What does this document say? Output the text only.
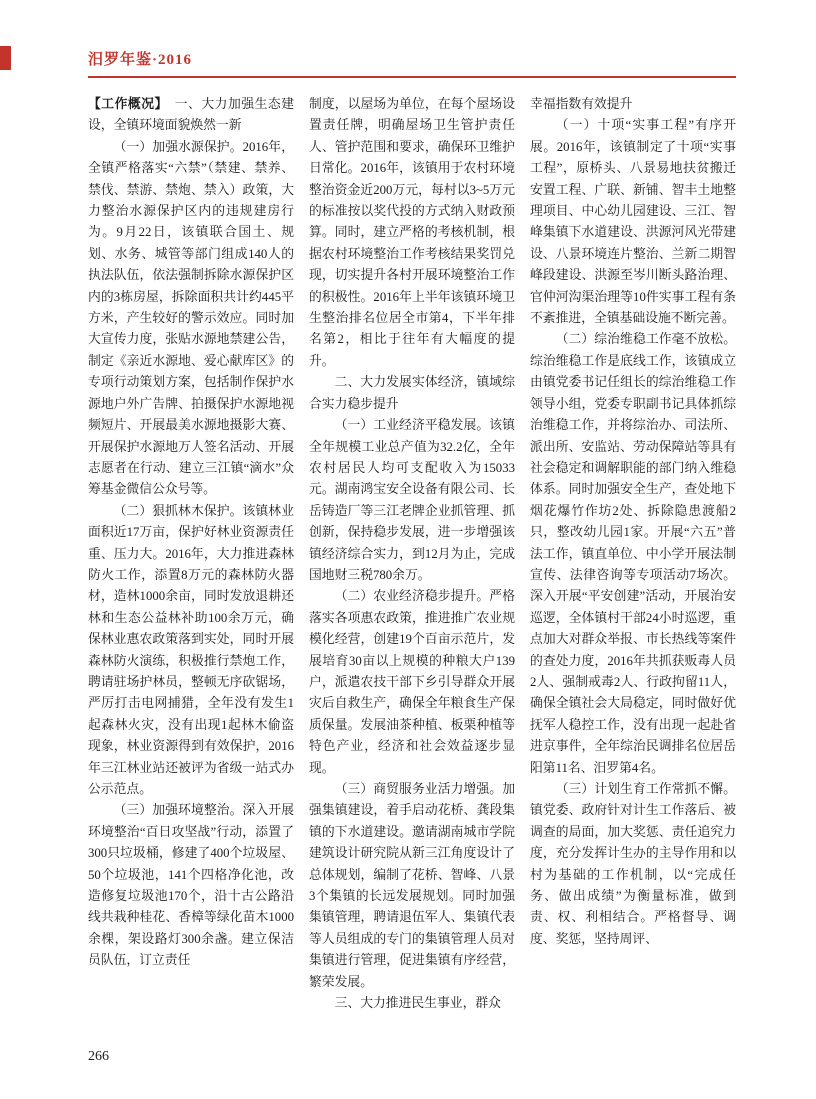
汨罗年鉴·2016

【工作概况】　一、大力加强生态建设，全镇环境面貌焕然一新

（一）加强水源保护。2016年，全镇严格落实“六禁”（禁建、禁养、禁伐、禁游、禁炮、禁入）政策，大力整治水源保护区内的违规建房行为。9月22日，该镇联合国土、规划、水务、城管等部门组成140人的执法队伍，依法强制拆除水源保护区内的3栋房屋，拆除面积共计约445平方米，产生较好的警示效应。同时加大宣传力度，张贴水源地禁建公告，制定《亲近水源地、爱心献库区》的专项行动策划方案，包括制作保护水源地户外广告牌、拍摄保护水源地视频短片、开展最美水源地摄影大赛、开展保护水源地万人签名活动、开展志愿者在行动、建立三江镇“滴水”众筹基金微信公众号等。

（二）狠抓林木保护。该镇林业面积近17万亩，保护好林业资源责任重、压力大。2016年，大力推进森林防火工作，添置8万元的森林防火器材，造林1000余亩，同时发放退耕还林和生态公益林补助100余万元，确保林业惠农政策落到实处，同时开展森林防火演练，积极推行禁炮工作，聘请驻场护林员，整顿无序砍锯场，严厉打击电网捕猎，全年没有发生1起森林火灾，没有出现1起林木偷盗现象，林业资源得到有效保护，2016年三江林业站还被评为省级一站式办公示范点。

（三）加强环境整治。深入开展环境整治“百日攻坚战”行动，添置了300只垃圾桶，修建了400个垃圾屋、50个垃圾池，141个四格净化池，改造修复垃圾池170个，沿十古公路沿线共栽种桂花、香樟等绿化苗木1000余棵，架设路灯300余盏。建立保洁员队伍，订立责任

制度，以屋场为单位，在每个屋场设置责任牌，明确屋场卫生管护责任人、管护范围和要求，确保环卫维护日常化。2016年，该镇用于农村环境整治资金近200万元，每村以3~5万元的标准按以奖代投的方式纳入财政预算。同时，建立严格的考核机制，根据农村环境整治工作考核结果奖罚兑现，切实提升各村开展环境整治工作的积极性。2016年上半年该镇环境卫生整治排名位居全市第4，下半年排名第2，相比于往年有大幅度的提升。

二、大力发展实体经济，镇域综合实力稳步提升

（一）工业经济平稳发展。该镇全年规模工业总产值为32.2亿，全年农村居民人均可支配收入为15033元。湖南鸿宝安全设备有限公司、长岳铸造厂等三江老牌企业抓管理、抓创新，保持稳步发展，进一步增强该镇经济综合实力，到12月为止，完成国地财三税780余万。

（二）农业经济稳步提升。严格落实各项惠农政策，推进推广农业规模化经营，创建19个百亩示范片，发展培育30亩以上规模的种粮大户139户，派遣农技干部下乡引导群众开展灾后自救生产，确保全年粮食生产保质保量。发展油茶种植、板栗种植等特色产业，经济和社会效益逐步显现。

（三）商贸服务业活力增强。加强集镇建设，着手启动花桥、龚段集镇的下水道建设。邀请湖南城市学院建筑设计研究院从新三江角度设计了总体规划，编制了花桥、智峰、八景3个集镇的长远发展规划。同时加强集镇管理，聘请退伍军人、集镇代表等人员组成的专门的集镇管理人员对集镇进行管理，促进集镇有序经营，繁荣发展。

三、大力推进民生事业，群众

幸福指数有效提升

（一）十项“实事工程”有序开展。2016年，该镇制定了十项“实事工程”，原桥头、八景易地扶贫搬迁安置工程、广联、新铺、智丰土地整理项目、中心幼儿园建设、三江、智峰集镇下水道建设、洪源河风光带建设、八景环境连片整治、兰新二期智峰段建设、洪源至岑川断头路治理、官仲河沟渠治理等10件实事工程有条不紊推进，全镇基础设施不断完善。

（二）综治维稳工作毫不放松。综治维稳工作是底线工作，该镇成立由镇党委书记任组长的综治维稳工作领导小组，党委专职副书记具体抓综治维稳工作，并将综治办、司法所、派出所、安监站、劳动保障站等具有社会稳定和调解职能的部门纳入维稳体系。同时加强安全生产，查处地下烟花爆竹作坊2处、拆除隐患渡船2只，整改幼儿园1家。开展“六五”普法工作，镇直单位、中小学开展法制宣传、法律咨询等专项活动7场次。深入开展“平安创建”活动，开展治安巡逻，全体镇村干部24小时巡逻，重点加大对群众举报、市长热线等案件的查处力度，2016年共抓获贩毒人员2人、强制戒毒2人、行政拘留11人，确保全镇社会大局稳定，同时做好优抚军人稳控工作，没有出现一起赴省进京事件，全年综治民调排名位居岳阳第11名、汨罗第4名。

（三）计划生育工作常抓不懈。镇党委、政府针对计生工作落后、被调查的局面，加大奖惩、责任追究力度，充分发挥计生办的主导作用和以村为基础的工作机制，以“完成任务、做出成绩”为衡量标准，做到责、权、利相结合。严格督导、调度、奖惩，坚持周评、

266
